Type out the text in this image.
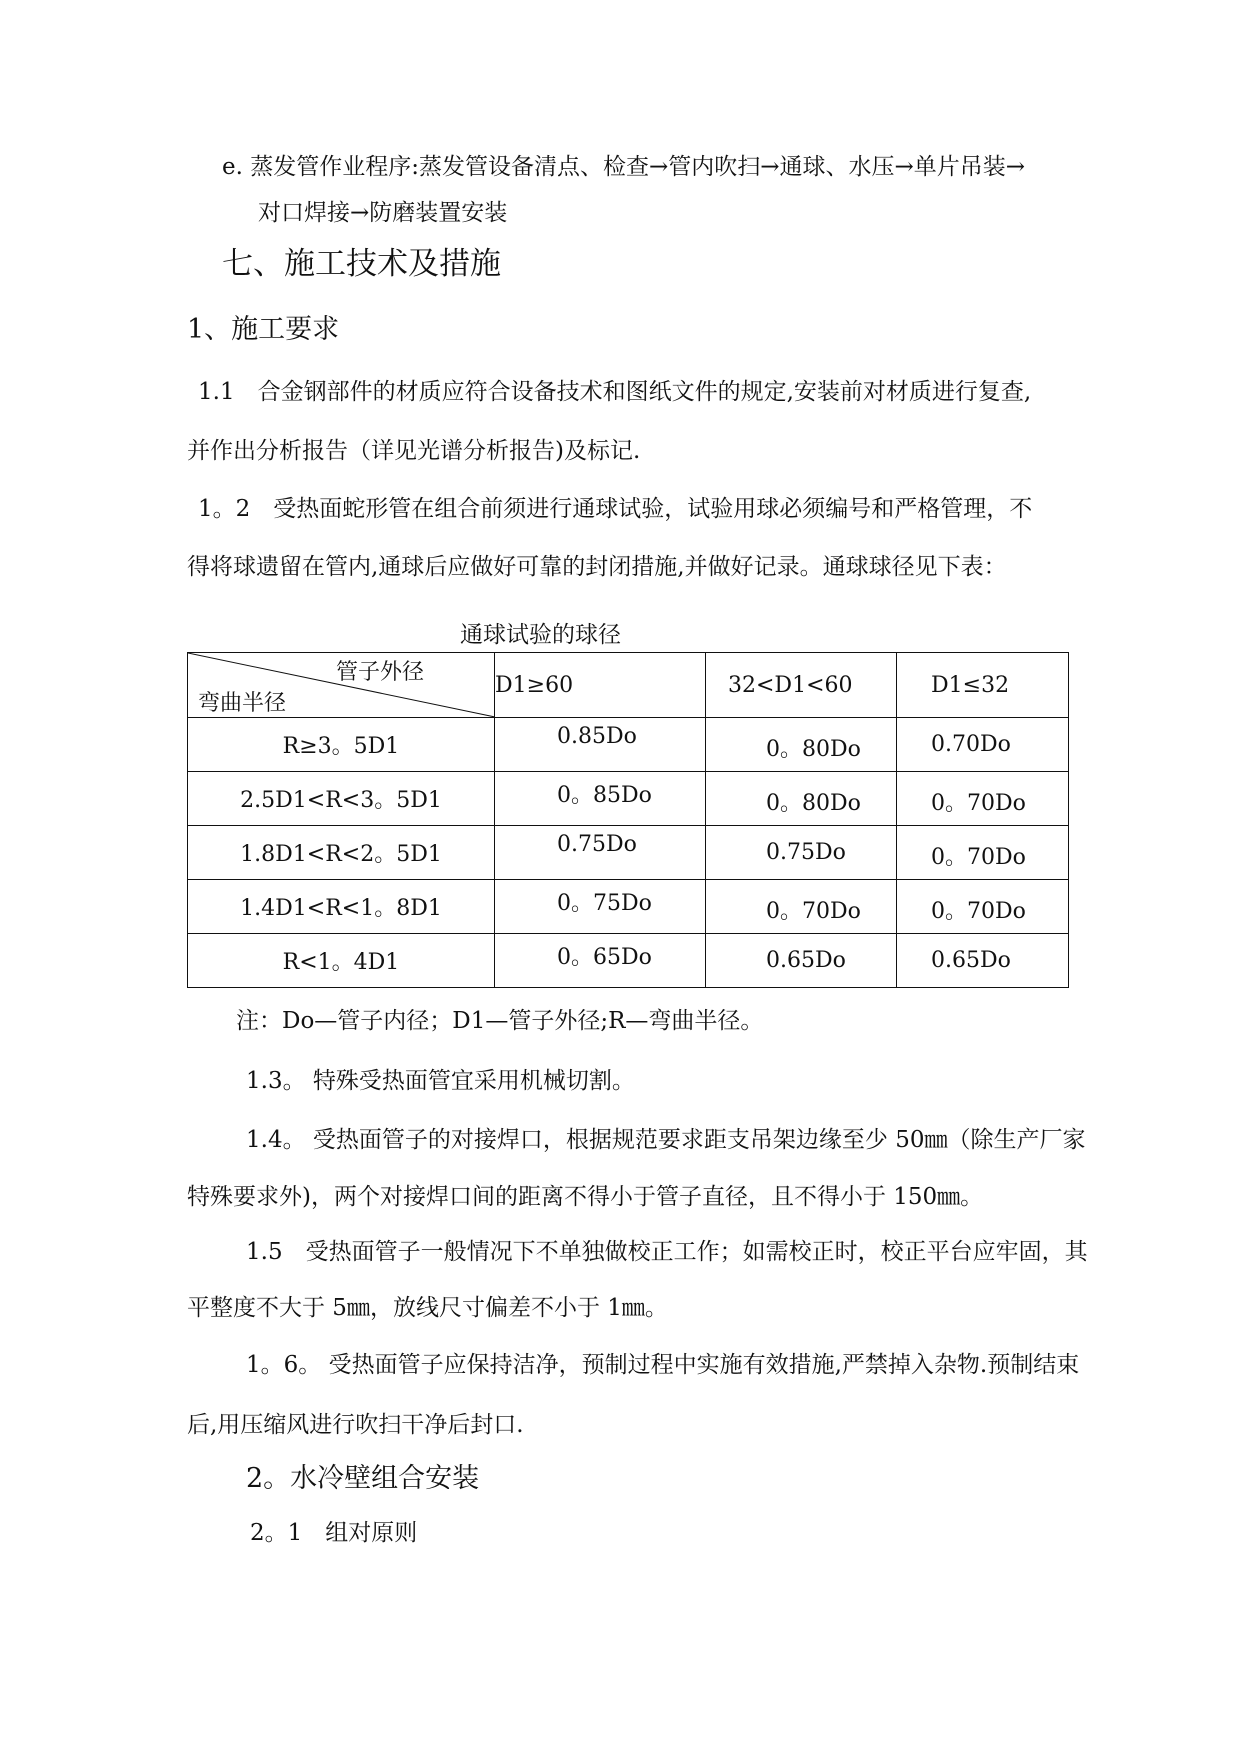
e. 蒸发管作业程序:蒸发管设备清点、检查→管内吹扫→通球、水压→单片吊装→
对口焊接→防磨装置安装
七、施工技术及措施
1、施工要求
1.1　合金钢部件的材质应符合设备技术和图纸文件的规定,安装前对材质进行复查,
并作出分析报告（详见光谱分析报告)及标记.
1。2　受热面蛇形管在组合前须进行通球试验，试验用球必须编号和严格管理，不
得将球遗留在管内,通球后应做好可靠的封闭措施,并做好记录。通球球径见下表：
通球试验的球径
管子外径
弯曲半径	D1≥60	32<D1<60	D1≤32
R≥3。5D1	0.85Do	0。80Do	0.70Do

2.5D1<R<3。5D1	0。85Do	0。80Do	0。70Do

1.8D1<R<2。5D1	0.75Do	0.75Do	0。70Do

1.4D1<R<1。8D1	0。75Do	0。70Do	0。70Do

R<1。4D1	0。65Do	0.65Do	0.65Do
注：Do—管子内径；D1—管子外径;R—弯曲半径。
1.3。 特殊受热面管宜采用机械切割。
1.4。 受热面管子的对接焊口，根据规范要求距支吊架边缘至少 50㎜（除生产厂家
特殊要求外)，两个对接焊口间的距离不得小于管子直径，且不得小于 150㎜。
1.5　受热面管子一般情况下不单独做校正工作；如需校正时，校正平台应牢固，其
平整度不大于 5㎜，放线尺寸偏差不小于 1㎜。
1。6。 受热面管子应保持洁净，预制过程中实施有效措施,严禁掉入杂物.预制结束
后,用压缩风进行吹扫干净后封口.
2。水冷壁组合安装
2。1　组对原则
